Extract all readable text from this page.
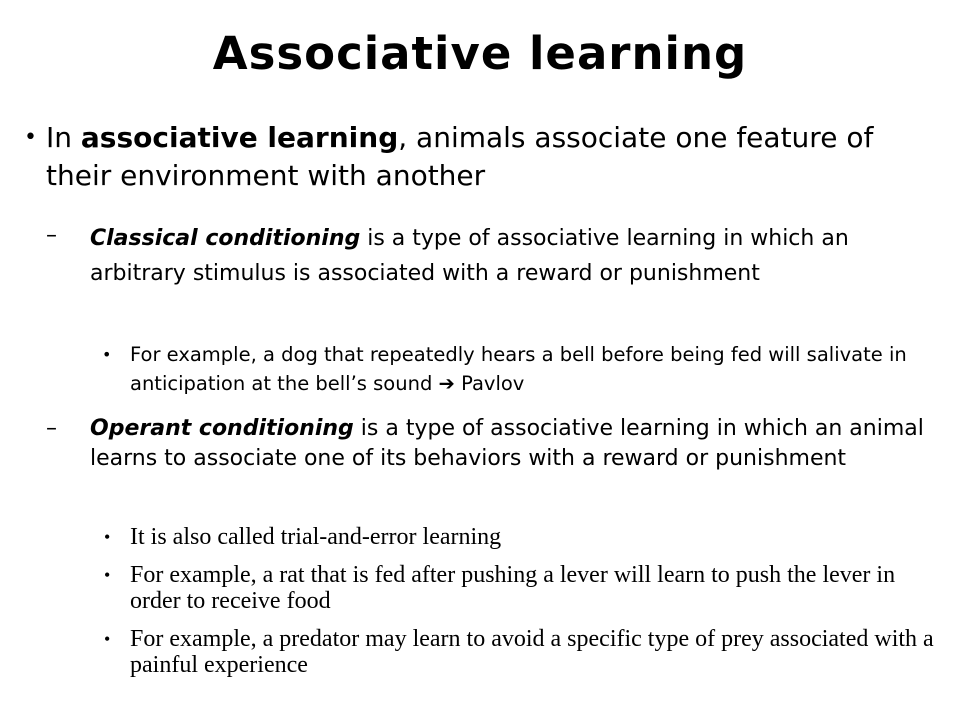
Associative learning
• In associative learning, animals associate one feature of their environment with another
–	Classical conditioning is a type of associative learning in which an arbitrary stimulus is associated with a reward or punishment
• For example, a dog that repeatedly hears a bell before being fed will salivate in anticipation at the bell’s sound ➔ Pavlov
–	Operant conditioning is a type of associative learning in which an animal learns to associate one of its behaviors with a reward or punishment
• It is also called trial-and-error learning
• For example, a rat that is fed after pushing a lever will learn to push the lever in order to receive food
• For example, a predator may learn to avoid a specific type of prey associated with a painful experience
